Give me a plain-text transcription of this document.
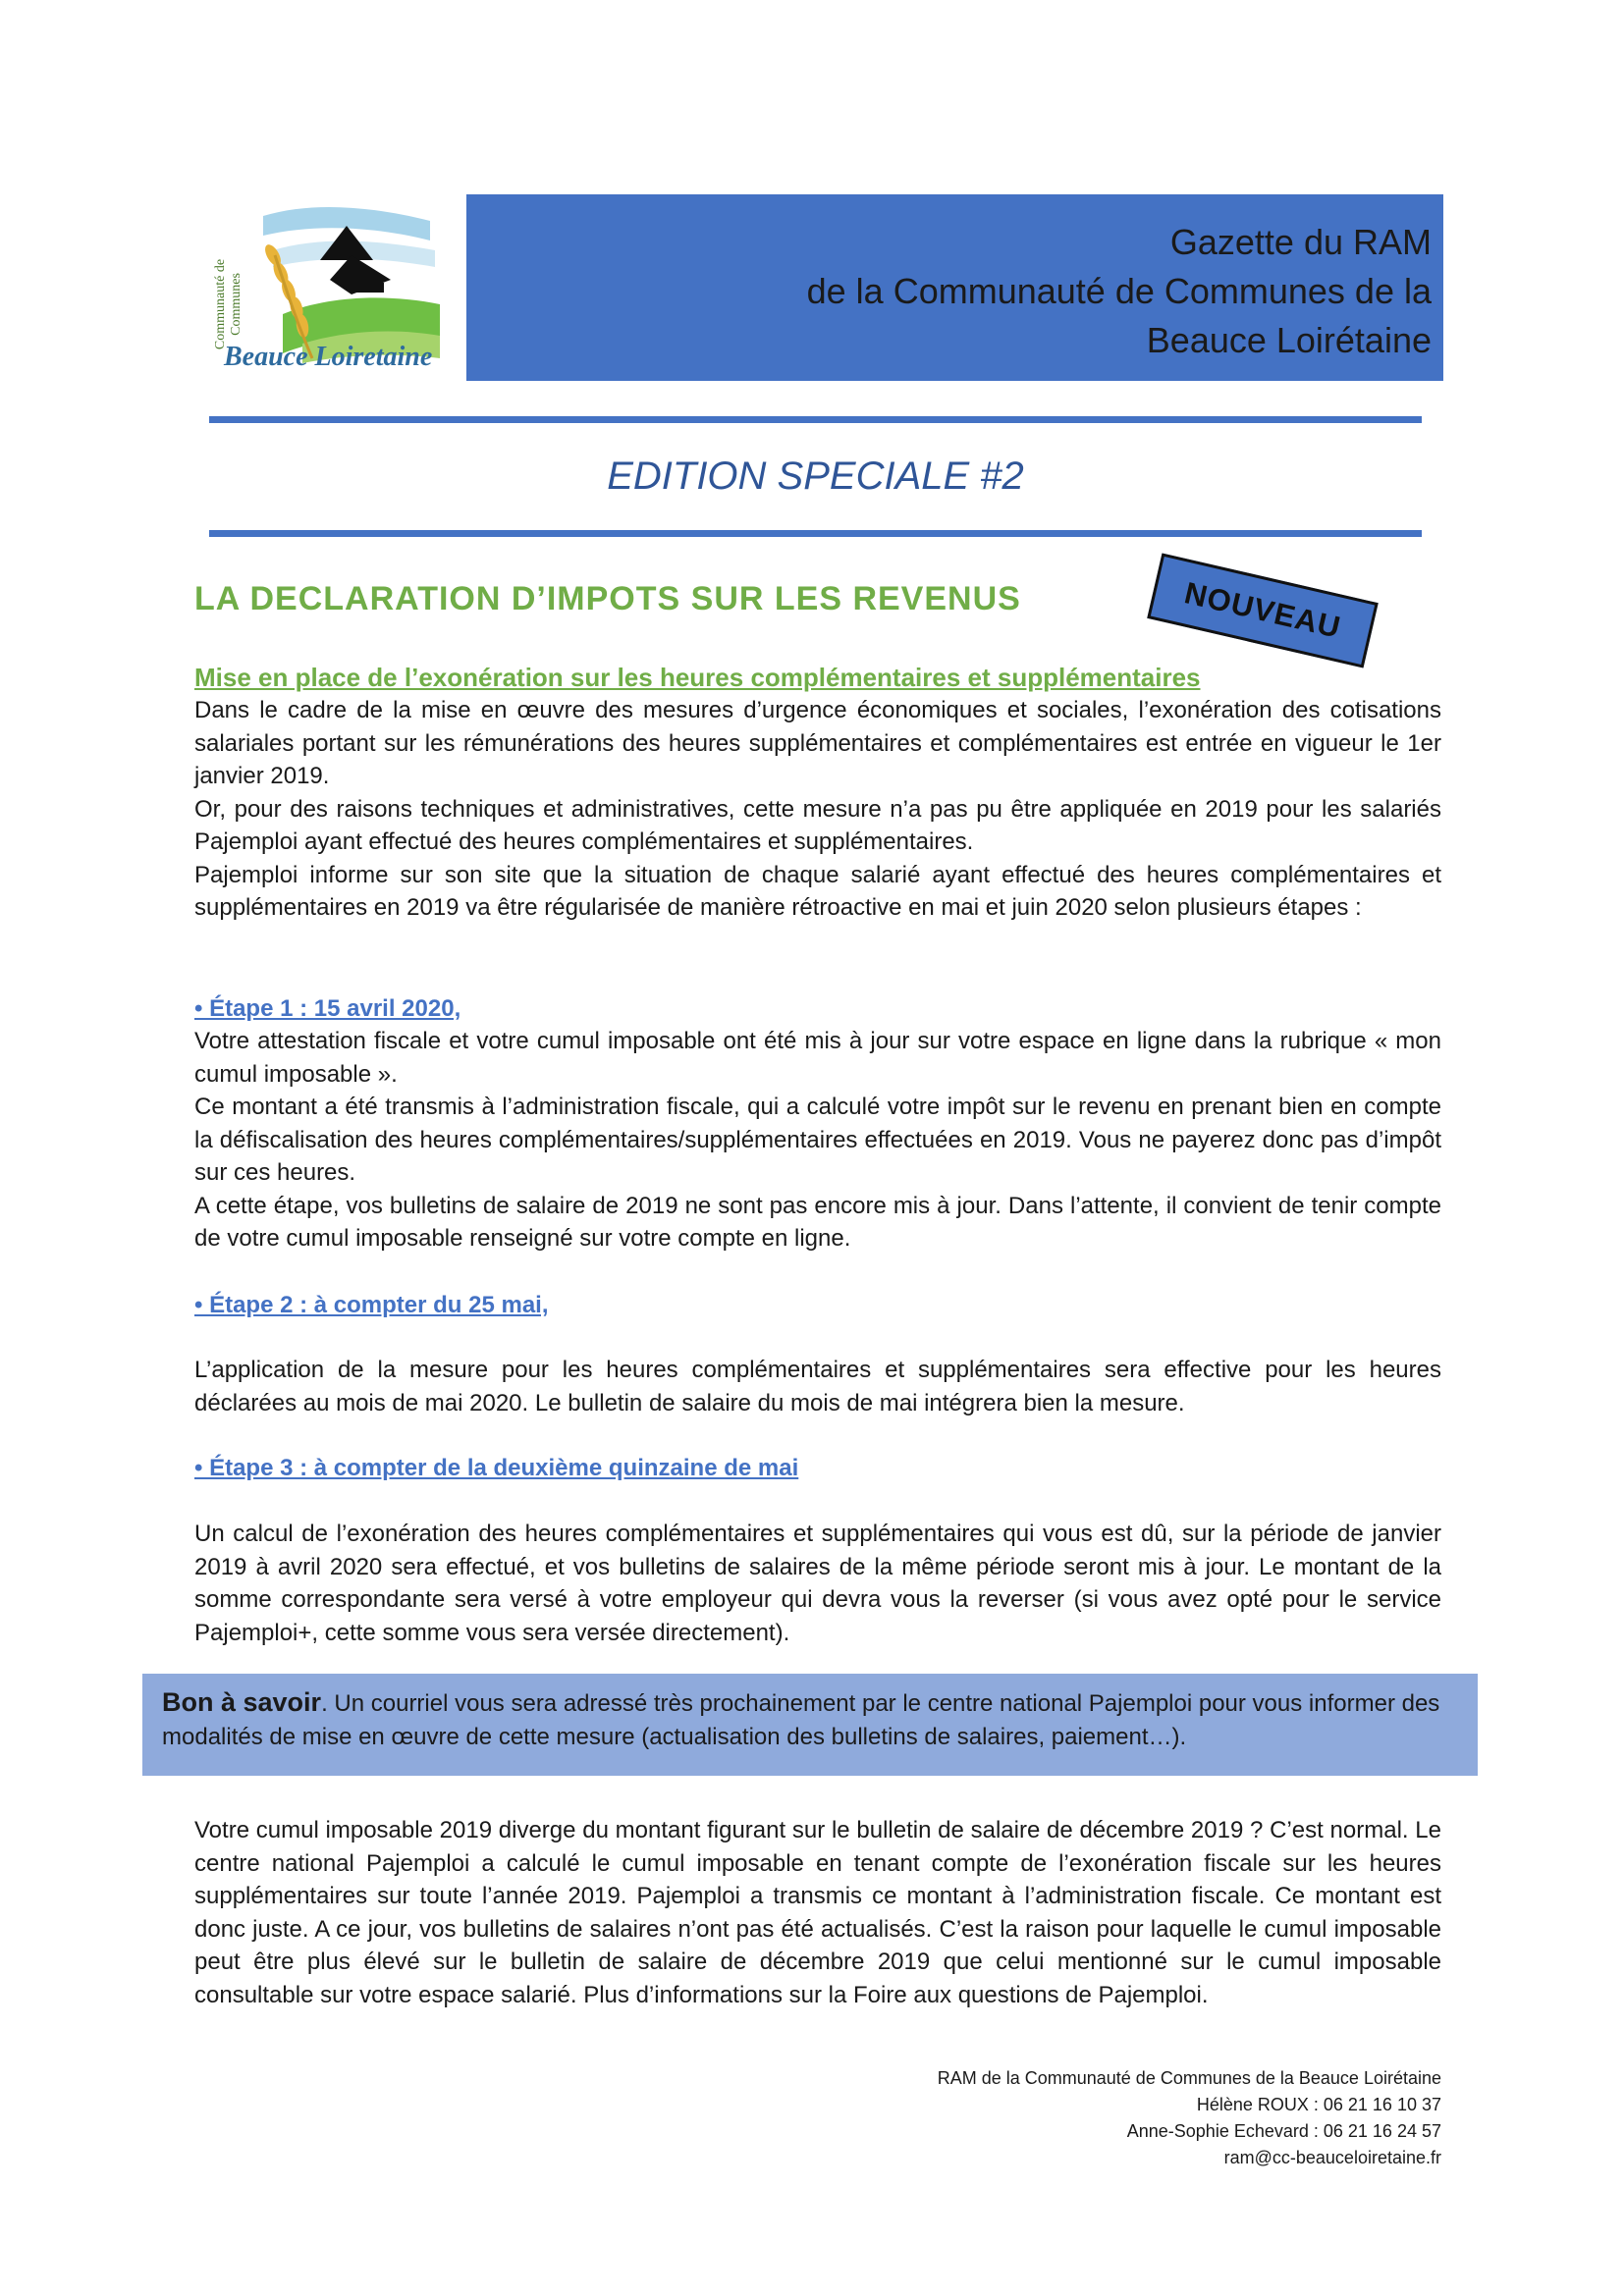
Communauté de Communes
Beauce Loiretaine
Gazette du RAM
de la Communauté de Communes de la
Beauce Loirétaine
EDITION SPECIALE #2
LA DECLARATION D’IMPOTS SUR LES REVENUS	NOUVEAU
Mise en place de l’exonération sur les heures complémentaires et supplémentaires

Dans le cadre de la mise en œuvre des mesures d’urgence économiques et sociales, l’exonération des cotisations salariales portant sur les rémunérations des heures supplémentaires et complémentaires est entrée en vigueur le 1er janvier 2019.

Or, pour des raisons techniques et administratives, cette mesure n’a pas pu être appliquée en 2019 pour les salariés Pajemploi ayant effectué des heures complémentaires et supplémentaires.

Pajemploi informe sur son site que la situation de chaque salarié ayant effectué des heures complémentaires et supplémentaires en 2019 va être régularisée de manière rétroactive en mai et juin 2020 selon plusieurs étapes :

• Étape 1 : 15 avril 2020,

Votre attestation fiscale et votre cumul imposable ont été mis à jour sur votre espace en ligne dans la rubrique « mon cumul imposable ».

Ce montant a été transmis à l’administration fiscale, qui a calculé votre impôt sur le revenu en prenant bien en compte la défiscalisation des heures complémentaires/supplémentaires effectuées en 2019. Vous ne payerez donc pas d’impôt sur ces heures.

A cette étape, vos bulletins de salaire de 2019 ne sont pas encore mis à jour. Dans l’attente, il convient de tenir compte de votre cumul imposable renseigné sur votre compte en ligne.

• Étape 2 : à compter du 25 mai,

L’application de la mesure pour les heures complémentaires et supplémentaires sera effective pour les heures déclarées au mois de mai 2020. Le bulletin de salaire du mois de mai intégrera bien la mesure.

• Étape 3 : à compter de la deuxième quinzaine de mai

Un calcul de l’exonération des heures complémentaires et supplémentaires qui vous est dû, sur la période de janvier 2019 à avril 2020 sera effectué, et vos bulletins de salaires de la même période seront mis à jour. Le montant de la somme correspondante sera versé à votre employeur qui devra vous la reverser (si vous avez opté pour le service Pajemploi+, cette somme vous sera versée directement).

Bon à savoir. Un courriel vous sera adressé très prochainement par le centre national Pajemploi pour vous informer des modalités de mise en œuvre de cette mesure (actualisation des bulletins de salaires, paiement…).

Votre cumul imposable 2019 diverge du montant figurant sur le bulletin de salaire de décembre 2019 ? C’est normal. Le centre national Pajemploi a calculé le cumul imposable en tenant compte de l’exonération fiscale sur les heures supplémentaires sur toute l’année 2019. Pajemploi a transmis ce montant à l’administration fiscale. Ce montant est donc juste. A ce jour, vos bulletins de salaires n’ont pas été actualisés. C’est la raison pour laquelle le cumul imposable peut être plus élevé sur le bulletin de salaire de décembre 2019 que celui mentionné sur le cumul imposable consultable sur votre espace salarié. Plus d’informations sur la Foire aux questions de Pajemploi.

RAM de la Communauté de Communes de la Beauce Loirétaine
Hélène ROUX : 06 21 16 10 37
Anne-Sophie Echevard : 06 21 16 24 57
ram@cc-beauceloiretaine.fr
